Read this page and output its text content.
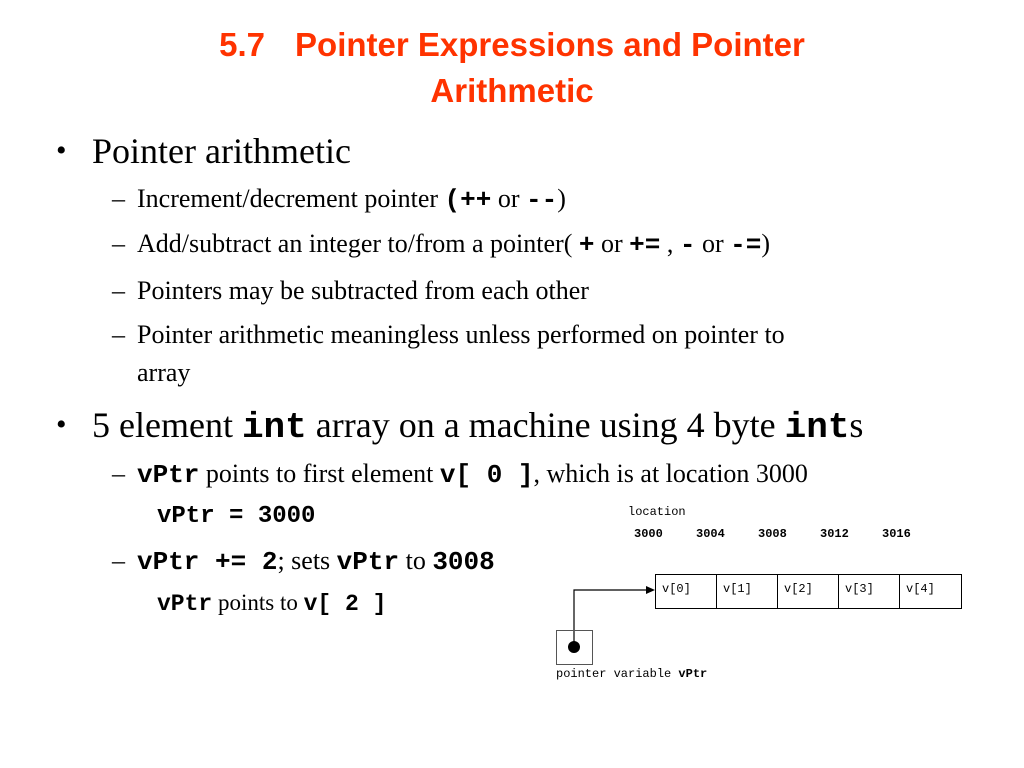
5.7 Pointer Expressions and Pointer
Arithmetic
• Pointer arithmetic
– Increment/decrement pointer (++ or --)
– Add/subtract an integer to/from a pointer( + or += , - or -=)
– Pointers may be subtracted from each other
– Pointer arithmetic meaningless unless performed on pointer to
array
• 5 element int array on a machine using 4 byte ints
– vPtr points to first element v[ 0 ], which is at location 3000
vPtr = 3000
– vPtr += 2; sets vPtr to 3008
vPtr points to v[ 2 ]
location
3000	3004	3008	3012	3016
v[0]	v[1]	v[2]	v[3]	v[4]
pointer variable vPtr
